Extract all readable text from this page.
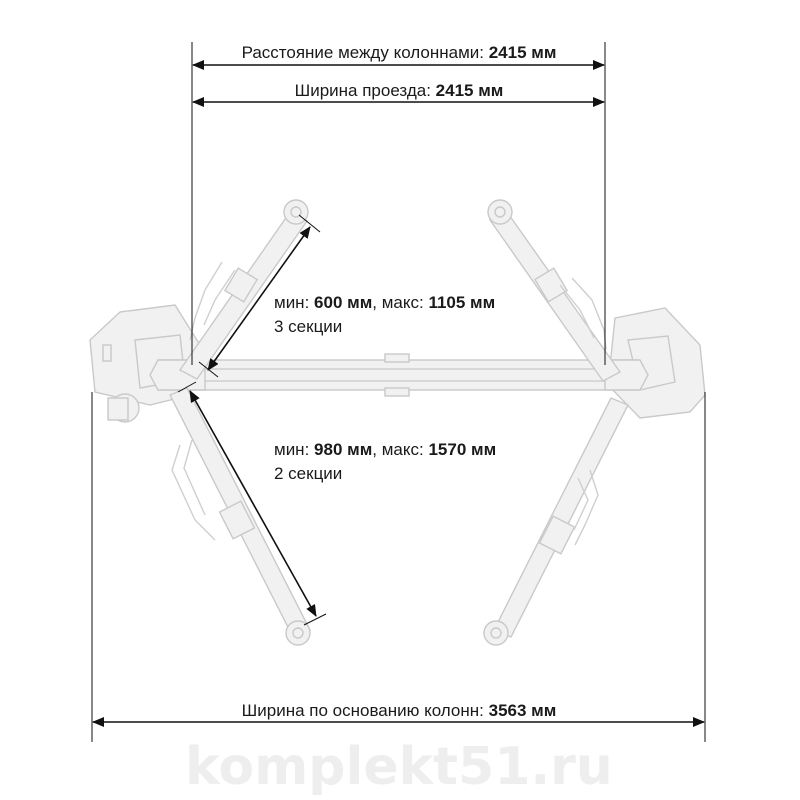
Расстояние между колоннами: 2415 мм
Ширина проезда: 2415 мм
мин: 600 мм, макс: 1105 мм
3 секции
мин: 980 мм, макс: 1570 мм
2 секции
Ширина по основанию колонн: 3563 мм
komplekt51.ru
